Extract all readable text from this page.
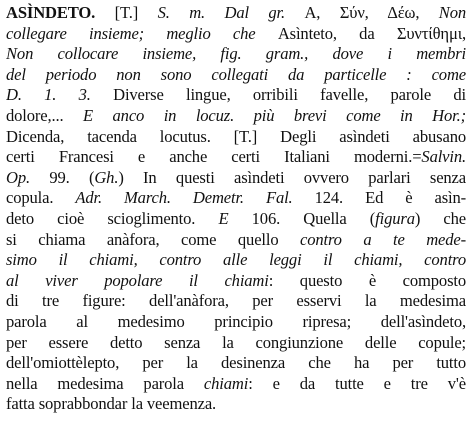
ASÌNDETO. [T.] S. m. Dal gr. Α, Σύν, Δέω, Non
collegare insieme; meglio che Asìnteto, da Συντίθημι,
Non collocare insieme, fig. gram., dove i membri
del periodo non sono collegati da particelle : come
D. 1. 3. Diverse lingue, orribili favelle, parole di
dolore,... E anco in locuz. più brevi come in Hor.;
Dicenda, tacenda locutus. [T.] Degli asìndeti abusano
certi Francesi e anche certi Italiani moderni.=Salvin.
Op. 99. (Gh.) In questi asìndeti ovvero parlari senza
copula. Adr. March. Demetr. Fal. 124. Ed è asìn-
deto cioè scioglimento. E 106. Quella (figura) che
si chiama anàfora, come quello contro a te mede-
simo il chiami, contro alle leggi il chiami, contro
al viver popolare il chiami: questo è composto
di tre figure: dell'anàfora, per esservi la medesima
parola al medesimo principio ripresa; dell'asìndeto,
per essere detto senza la congiunzione delle copule;
dell'omiottèlepto, per la desinenza che ha per tutto
nella medesima parola chiami: e da tutte e tre v'è
fatta soprabbondar la veemenza.
